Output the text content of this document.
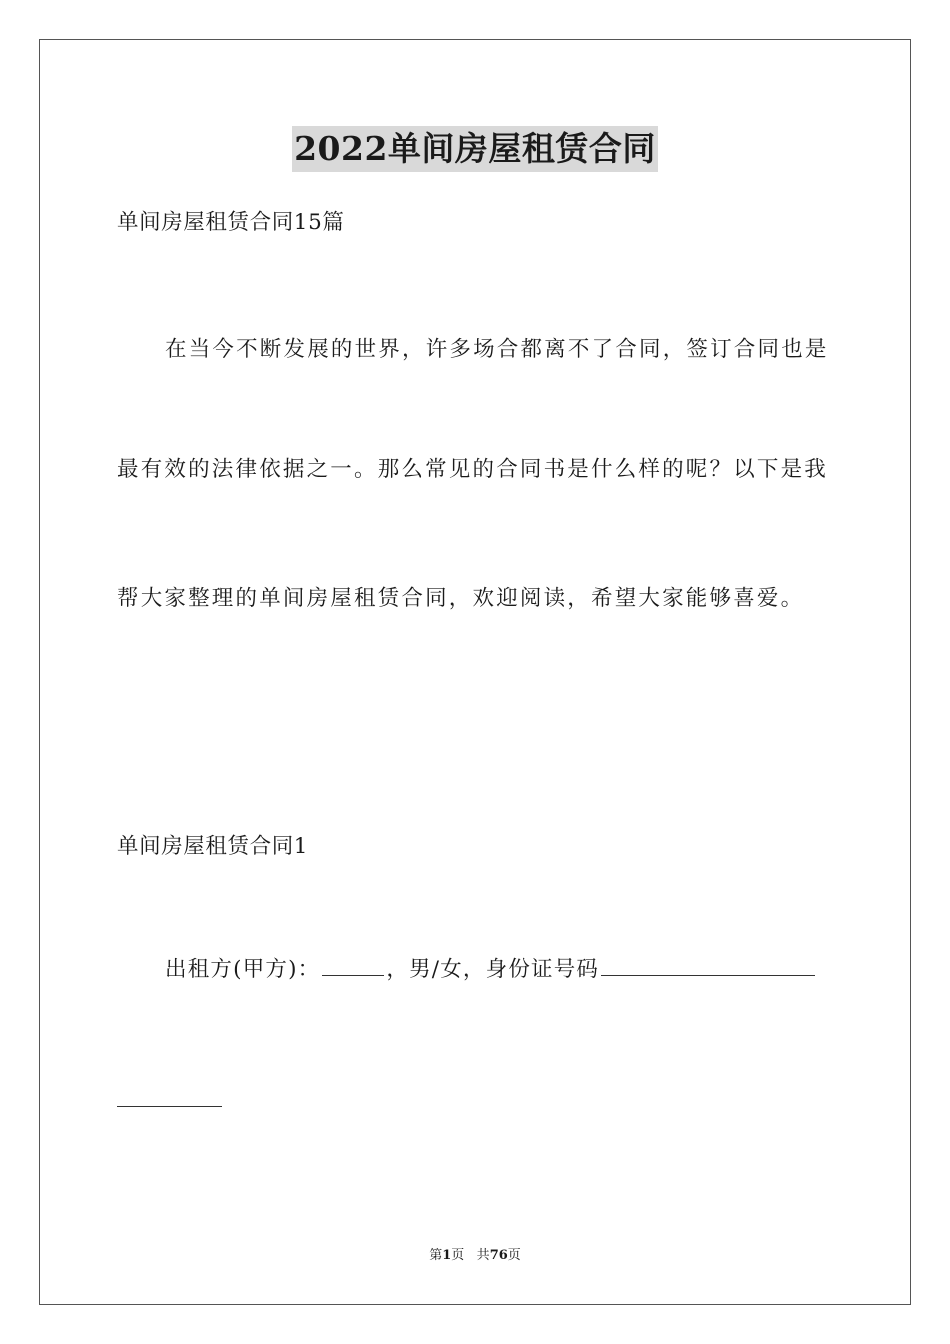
2022单间房屋租赁合同
单间房屋租赁合同15篇
在当今不断发展的世界，许多场合都离不了合同，签订合同也是
最有效的法律依据之一。那么常见的合同书是什么样的呢？以下是我
帮大家整理的单间房屋租赁合同，欢迎阅读，希望大家能够喜爱。
单间房屋租赁合同1
出租方(甲方)：	，男/女，身份证号码
第1页 共76页
